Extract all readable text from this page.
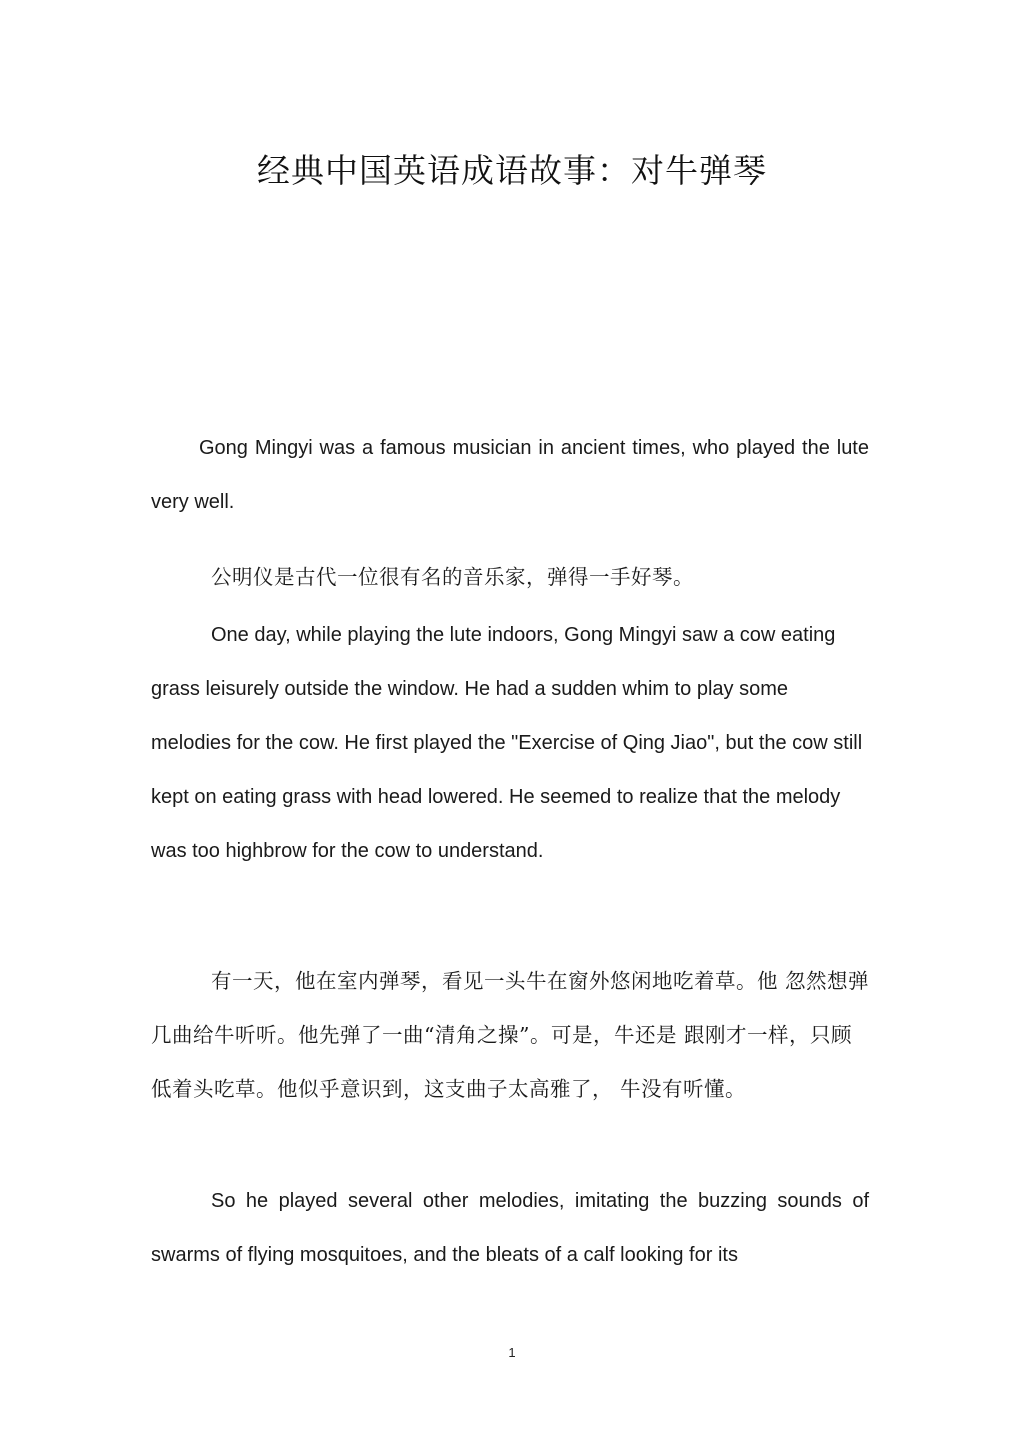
经典中国英语成语故事：对牛弹琴

Gong Mingyi was a famous musician in ancient times, who played the lute very well.

公明仪是古代一位很有名的音乐家，弹得一手好琴。

One day, while playing the lute indoors, Gong Mingyi saw a cow eating grass leisurely outside the window. He had a sudden whim to play some melodies for the cow. He first played the "Exercise of Qing Jiao", but the cow still kept on eating grass with head lowered. He seemed to realize that the melody was too highbrow for the cow to understand.

有一天，他在室内弹琴，看见一头牛在窗外悠闲地吃着草。他 忽然想弹几曲给牛听听。他先弹了一曲“清角之操”。可是，牛还是 跟刚才一样，只顾低着头吃草。他似乎意识到，这支曲子太高雅了， 牛没有听懂。

So he played several other melodies, imitating the buzzing sounds of swarms of flying mosquitoes, and the bleats of a calf looking for its

1
